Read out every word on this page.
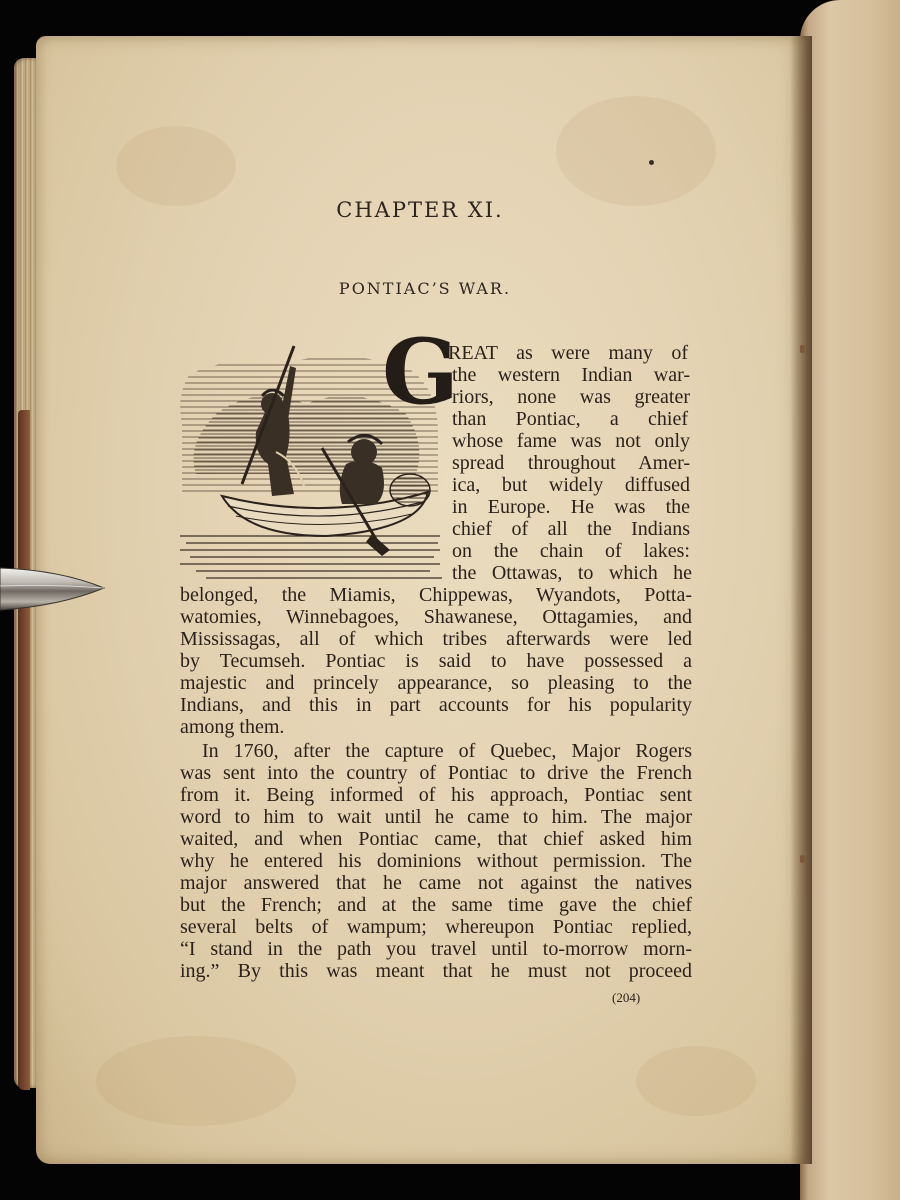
CHAPTER XI.
PONTIAC’S WAR.
G
REAT as were many of
the western Indian war-
riors, none was greater
than Pontiac, a chief
whose fame was not only
spread throughout Amer-
ica, but widely diffused
in Europe. He was the
chief of all the Indians
on the chain of lakes:
the Ottawas, to which he
belonged, the Miamis, Chippewas, Wyandots, Potta-
watomies, Winnebagoes, Shawanese, Ottagamies, and
Mississagas, all of which tribes afterwards were led
by Tecumseh. Pontiac is said to have possessed a
majestic and princely appearance, so pleasing to the
Indians, and this in part accounts for his popularity
among them.
In 1760, after the capture of Quebec, Major Rogers
was sent into the country of Pontiac to drive the French
from it. Being informed of his approach, Pontiac sent
word to him to wait until he came to him. The major
waited, and when Pontiac came, that chief asked him
why he entered his dominions without permission. The
major answered that he came not against the natives
but the French; and at the same time gave the chief
several belts of wampum; whereupon Pontiac replied,
“I stand in the path you travel until to-morrow morn-
ing.” By this was meant that he must not proceed
(204)
